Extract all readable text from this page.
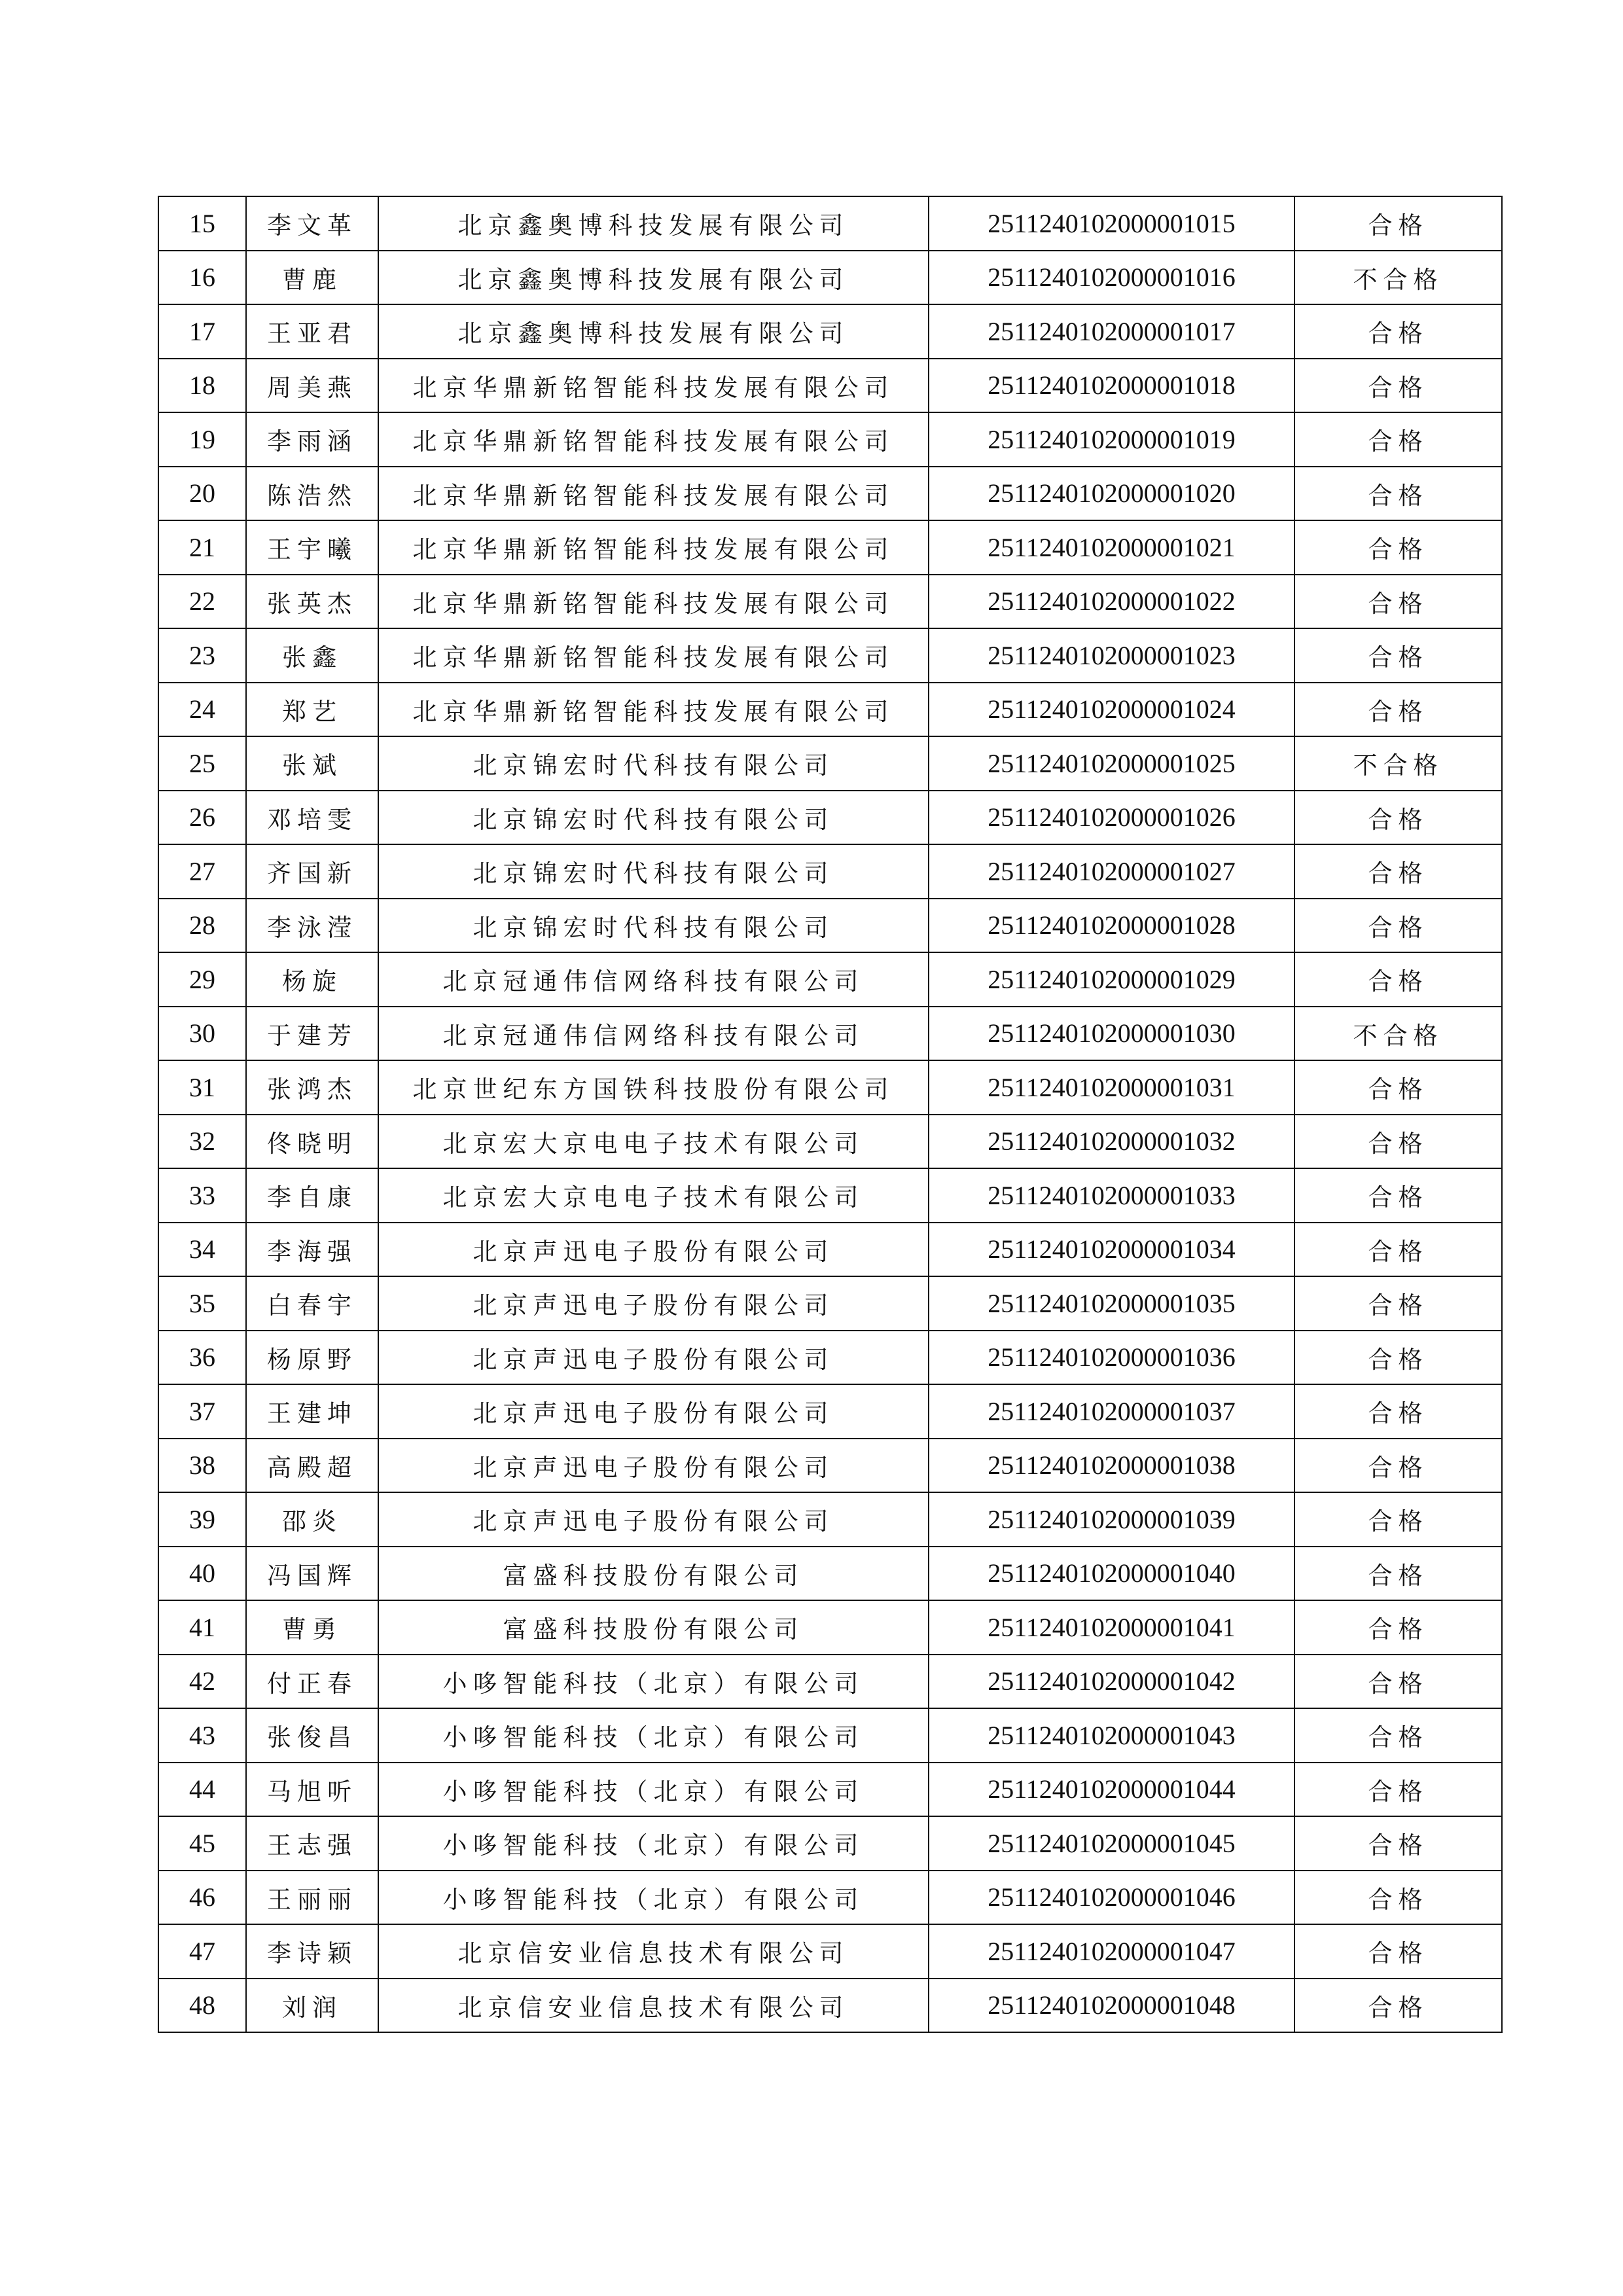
15	李文革	北京鑫奥博科技发展有限公司	2511240102000001015	合格
16	曹鹿	北京鑫奥博科技发展有限公司	2511240102000001016	不合格
17	王亚君	北京鑫奥博科技发展有限公司	2511240102000001017	合格
18	周美燕	北京华鼎新铭智能科技发展有限公司	2511240102000001018	合格
19	李雨涵	北京华鼎新铭智能科技发展有限公司	2511240102000001019	合格
20	陈浩然	北京华鼎新铭智能科技发展有限公司	2511240102000001020	合格
21	王宇曦	北京华鼎新铭智能科技发展有限公司	2511240102000001021	合格
22	张英杰	北京华鼎新铭智能科技发展有限公司	2511240102000001022	合格
23	张鑫	北京华鼎新铭智能科技发展有限公司	2511240102000001023	合格
24	郑艺	北京华鼎新铭智能科技发展有限公司	2511240102000001024	合格
25	张斌	北京锦宏时代科技有限公司	2511240102000001025	不合格
26	邓培雯	北京锦宏时代科技有限公司	2511240102000001026	合格
27	齐国新	北京锦宏时代科技有限公司	2511240102000001027	合格
28	李泳滢	北京锦宏时代科技有限公司	2511240102000001028	合格
29	杨旋	北京冠通伟信网络科技有限公司	2511240102000001029	合格
30	于建芳	北京冠通伟信网络科技有限公司	2511240102000001030	不合格
31	张鸿杰	北京世纪东方国铁科技股份有限公司	2511240102000001031	合格
32	佟晓明	北京宏大京电电子技术有限公司	2511240102000001032	合格
33	李自康	北京宏大京电电子技术有限公司	2511240102000001033	合格
34	李海强	北京声迅电子股份有限公司	2511240102000001034	合格
35	白春宇	北京声迅电子股份有限公司	2511240102000001035	合格
36	杨原野	北京声迅电子股份有限公司	2511240102000001036	合格
37	王建坤	北京声迅电子股份有限公司	2511240102000001037	合格
38	高殿超	北京声迅电子股份有限公司	2511240102000001038	合格
39	邵炎	北京声迅电子股份有限公司	2511240102000001039	合格
40	冯国辉	富盛科技股份有限公司	2511240102000001040	合格
41	曹勇	富盛科技股份有限公司	2511240102000001041	合格
42	付正春	小哆智能科技（北京）有限公司	2511240102000001042	合格
43	张俊昌	小哆智能科技（北京）有限公司	2511240102000001043	合格
44	马旭听	小哆智能科技（北京）有限公司	2511240102000001044	合格
45	王志强	小哆智能科技（北京）有限公司	2511240102000001045	合格
46	王丽丽	小哆智能科技（北京）有限公司	2511240102000001046	合格
47	李诗颖	北京信安业信息技术有限公司	2511240102000001047	合格
48	刘润	北京信安业信息技术有限公司	2511240102000001048	合格
